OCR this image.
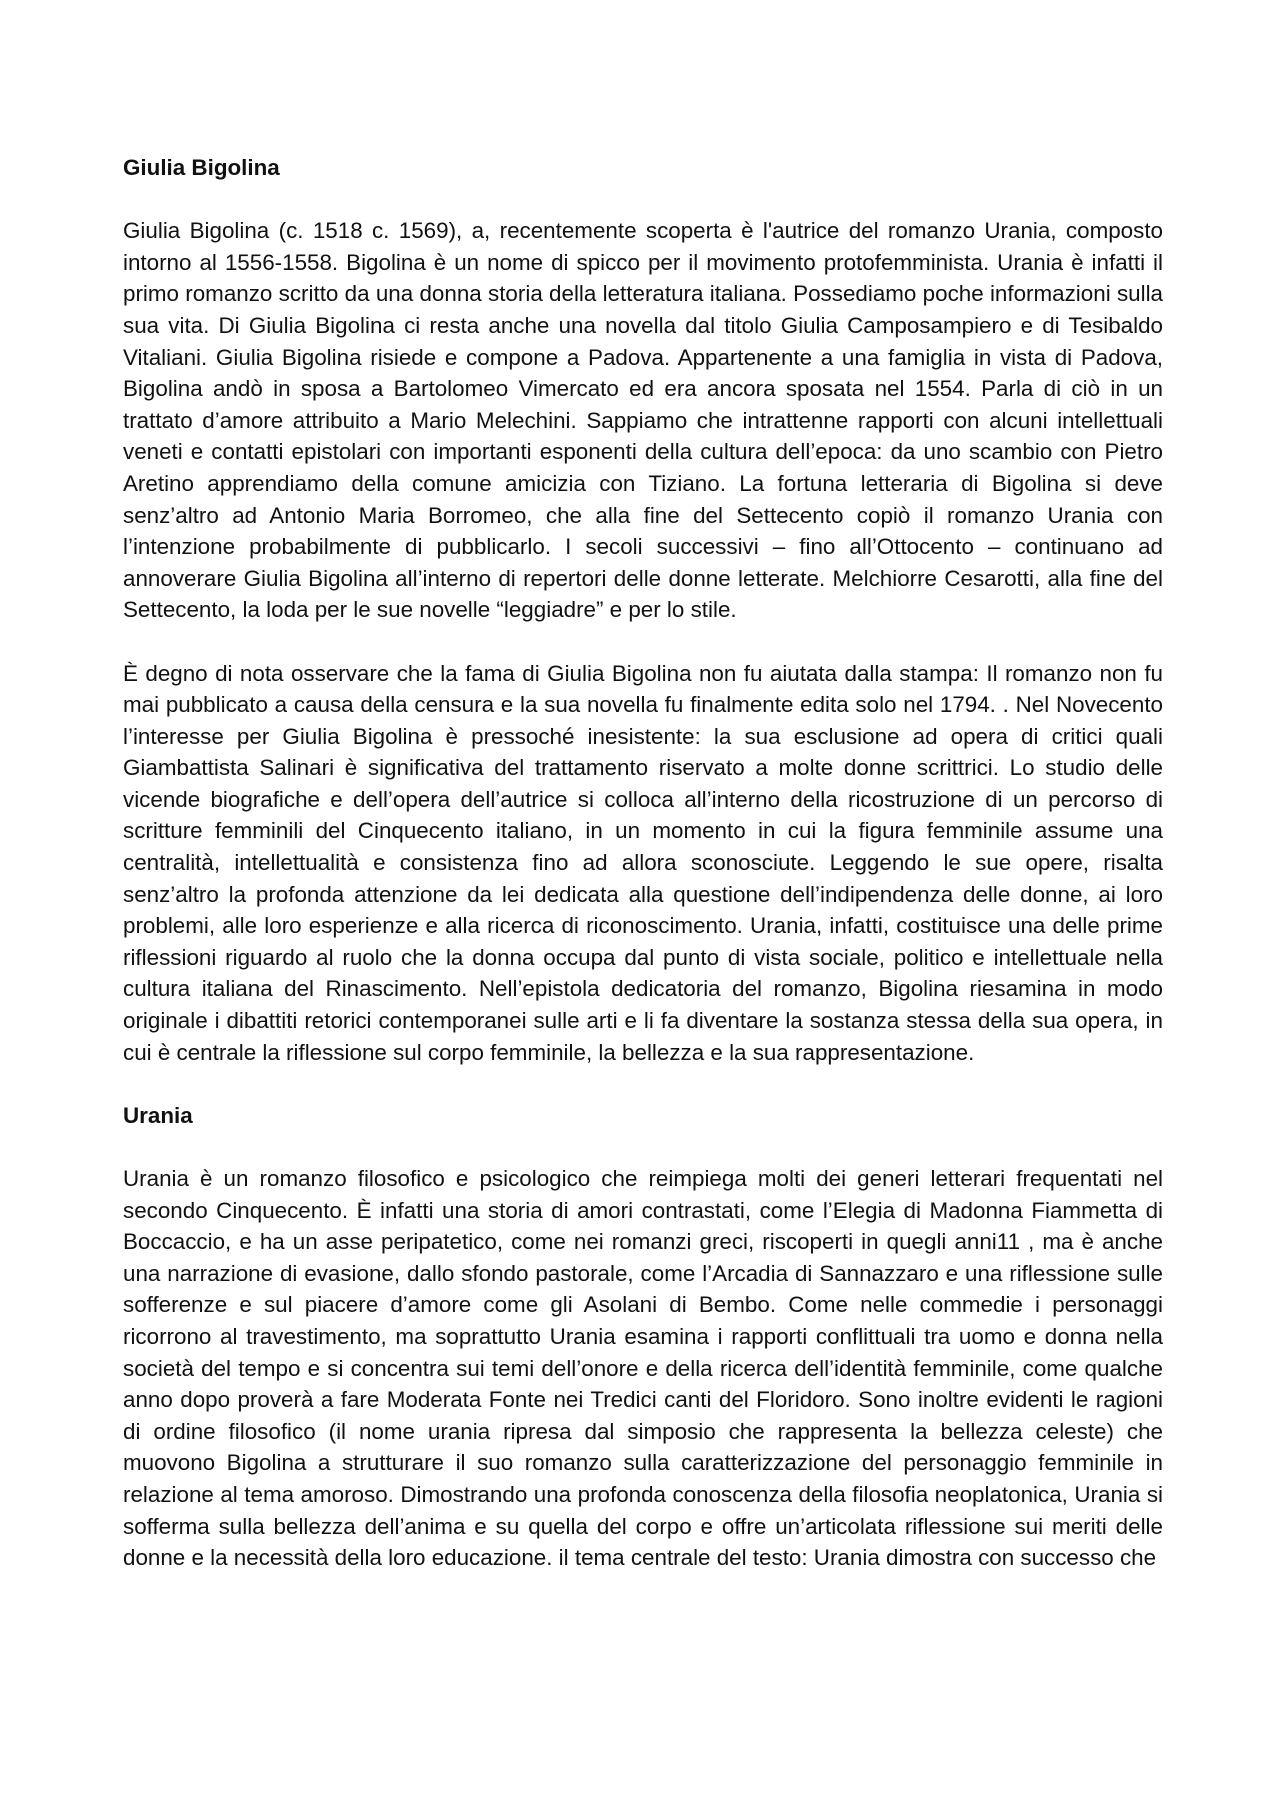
Giulia Bigolina
Giulia Bigolina (c. 1518 c. 1569), a, recentemente scoperta è l'autrice del romanzo Urania, composto intorno al 1556-1558. Bigolina è un nome di spicco per il movimento protofemminista. Urania è infatti il primo romanzo scritto da una donna storia della letteratura italiana. Possediamo poche informazioni sulla sua vita. Di Giulia Bigolina ci resta anche una novella dal titolo Giulia Camposampiero e di Tesibaldo Vitaliani. Giulia Bigolina risiede e compone a Padova. Appartenente a una famiglia in vista di Padova, Bigolina andò in sposa a Bartolomeo Vimercato ed era ancora sposata nel 1554. Parla di ciò in un trattato d’amore attribuito a Mario Melechini. Sappiamo che intrattenne rapporti con alcuni intellettuali veneti e contatti epistolari con importanti esponenti della cultura dell’epoca: da uno scambio con Pietro Aretino apprendiamo della comune amicizia con Tiziano. La fortuna letteraria di Bigolina si deve senz’altro ad Antonio Maria Borromeo, che alla fine del Settecento copiò il romanzo Urania con l’intenzione probabilmente di pubblicarlo. I secoli successivi – fino all’Ottocento – continuano ad annoverare Giulia Bigolina all’interno di repertori delle donne letterate. Melchiorre Cesarotti, alla fine del Settecento, la loda per le sue novelle “leggiadre” e per lo stile.
È degno di nota osservare che la fama di Giulia Bigolina non fu aiutata dalla stampa: Il romanzo non fu mai pubblicato a causa della censura e la sua novella fu finalmente edita solo nel 1794. . Nel Novecento l’interesse per Giulia Bigolina è pressoché inesistente: la sua esclusione ad opera di critici quali Giambattista Salinari è significativa del trattamento riservato a molte donne scrittrici. Lo studio delle vicende biografiche e dell’opera dell’autrice si colloca all’interno della ricostruzione di un percorso di scritture femminili del Cinquecento italiano, in un momento in cui la figura femminile assume una centralità, intellettualità e consistenza fino ad allora sconosciute. Leggendo le sue opere, risalta senz’altro la profonda attenzione da lei dedicata alla questione dell’indipendenza delle donne, ai loro problemi, alle loro esperienze e alla ricerca di riconoscimento. Urania, infatti, costituisce una delle prime riflessioni riguardo al ruolo che la donna occupa dal punto di vista sociale, politico e intellettuale nella cultura italiana del Rinascimento. Nell’epistola dedicatoria del romanzo, Bigolina riesamina in modo originale i dibattiti retorici contemporanei sulle arti e li fa diventare la sostanza stessa della sua opera, in cui è centrale la riflessione sul corpo femminile, la bellezza e la sua rappresentazione.
Urania
Urania è un romanzo filosofico e psicologico che reimpiega molti dei generi letterari frequentati nel secondo Cinquecento. È infatti una storia di amori contrastati, come l’Elegia di Madonna Fiammetta di Boccaccio, e ha un asse peripatetico, come nei romanzi greci, riscoperti in quegli anni11 , ma è anche una narrazione di evasione, dallo sfondo pastorale, come l’Arcadia di Sannazzaro e una riflessione sulle sofferenze e sul piacere d’amore come gli Asolani di Bembo. Come nelle commedie i personaggi ricorrono al travestimento, ma soprattutto Urania esamina i rapporti conflittuali tra uomo e donna nella società del tempo e si concentra sui temi dell’onore e della ricerca dell’identità femminile, come qualche anno dopo proverà a fare Moderata Fonte nei Tredici canti del Floridoro. Sono inoltre evidenti le ragioni di ordine filosofico (il nome urania ripresa dal simposio che rappresenta la bellezza celeste) che muovono Bigolina a strutturare il suo romanzo sulla caratterizzazione del personaggio femminile in relazione al tema amoroso. Dimostrando una profonda conoscenza della filosofia neoplatonica, Urania si sofferma sulla bellezza dell’anima e su quella del corpo e offre un’articolata riflessione sui meriti delle donne e la necessità della loro educazione. il tema centrale del testo: Urania dimostra con successo che
